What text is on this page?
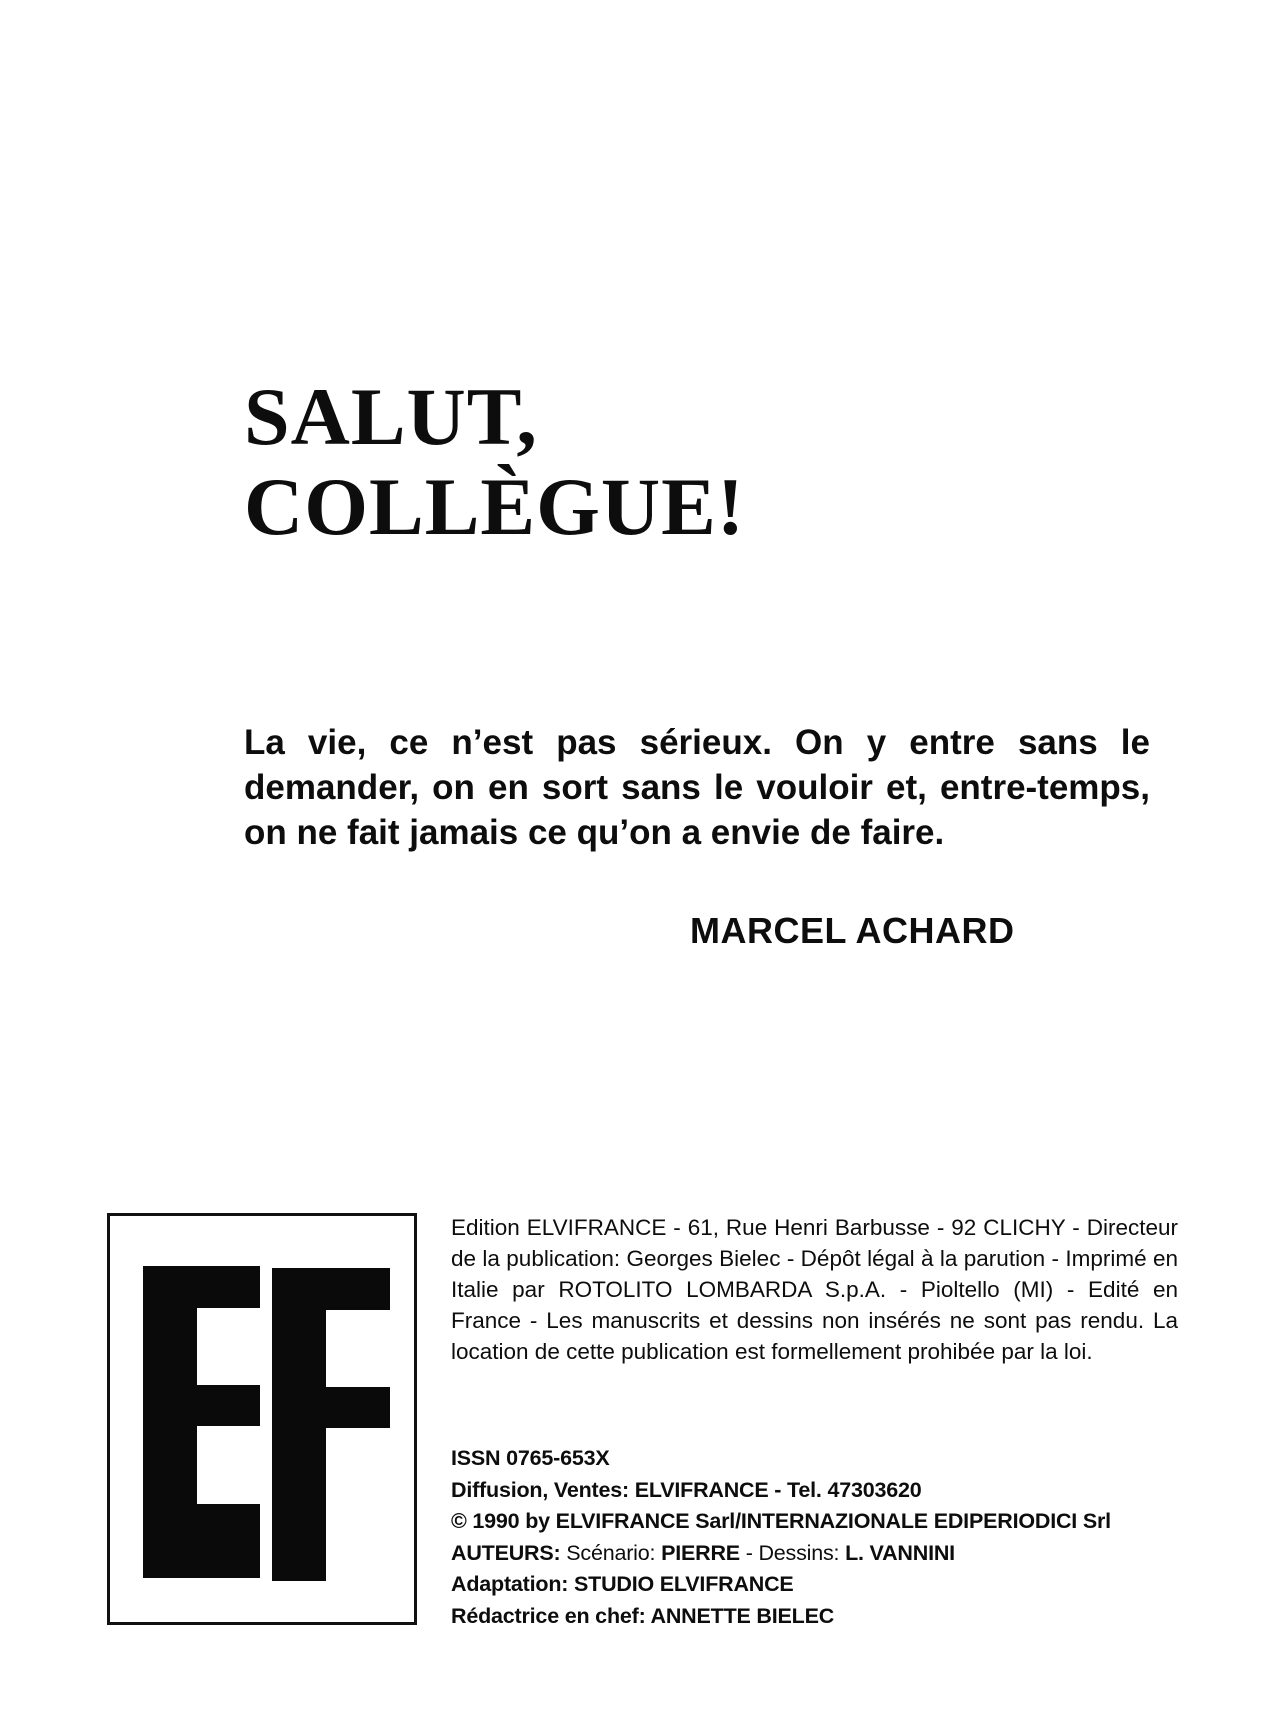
SALUT,
COLLÈGUE!

La vie, ce n’est pas sérieux. On y entre sans le demander, on en sort sans le vouloir et, entre-temps, on ne fait jamais ce qu’on a envie de faire.

MARCEL ACHARD

Edition ELVIFRANCE - 61, Rue Henri Barbusse - 92 CLICHY - Directeur de la publication: Georges Bielec - Dépôt légal à la parution - Imprimé en Italie par ROTOLITO LOMBARDA S.p.A. - Pioltello (MI) - Edité en France - Les manuscrits et dessins non insérés ne sont pas rendu. La location de cette publication est formellement prohibée par la loi.

ISSN 0765-653X
Diffusion, Ventes: ELVIFRANCE - Tel. 47303620
© 1990 by ELVIFRANCE Sarl/INTERNAZIONALE EDIPERIODICI Srl
AUTEURS: Scénario: PIERRE - Dessins: L. VANNINI
Adaptation: STUDIO ELVIFRANCE
Rédactrice en chef: ANNETTE BIELEC
